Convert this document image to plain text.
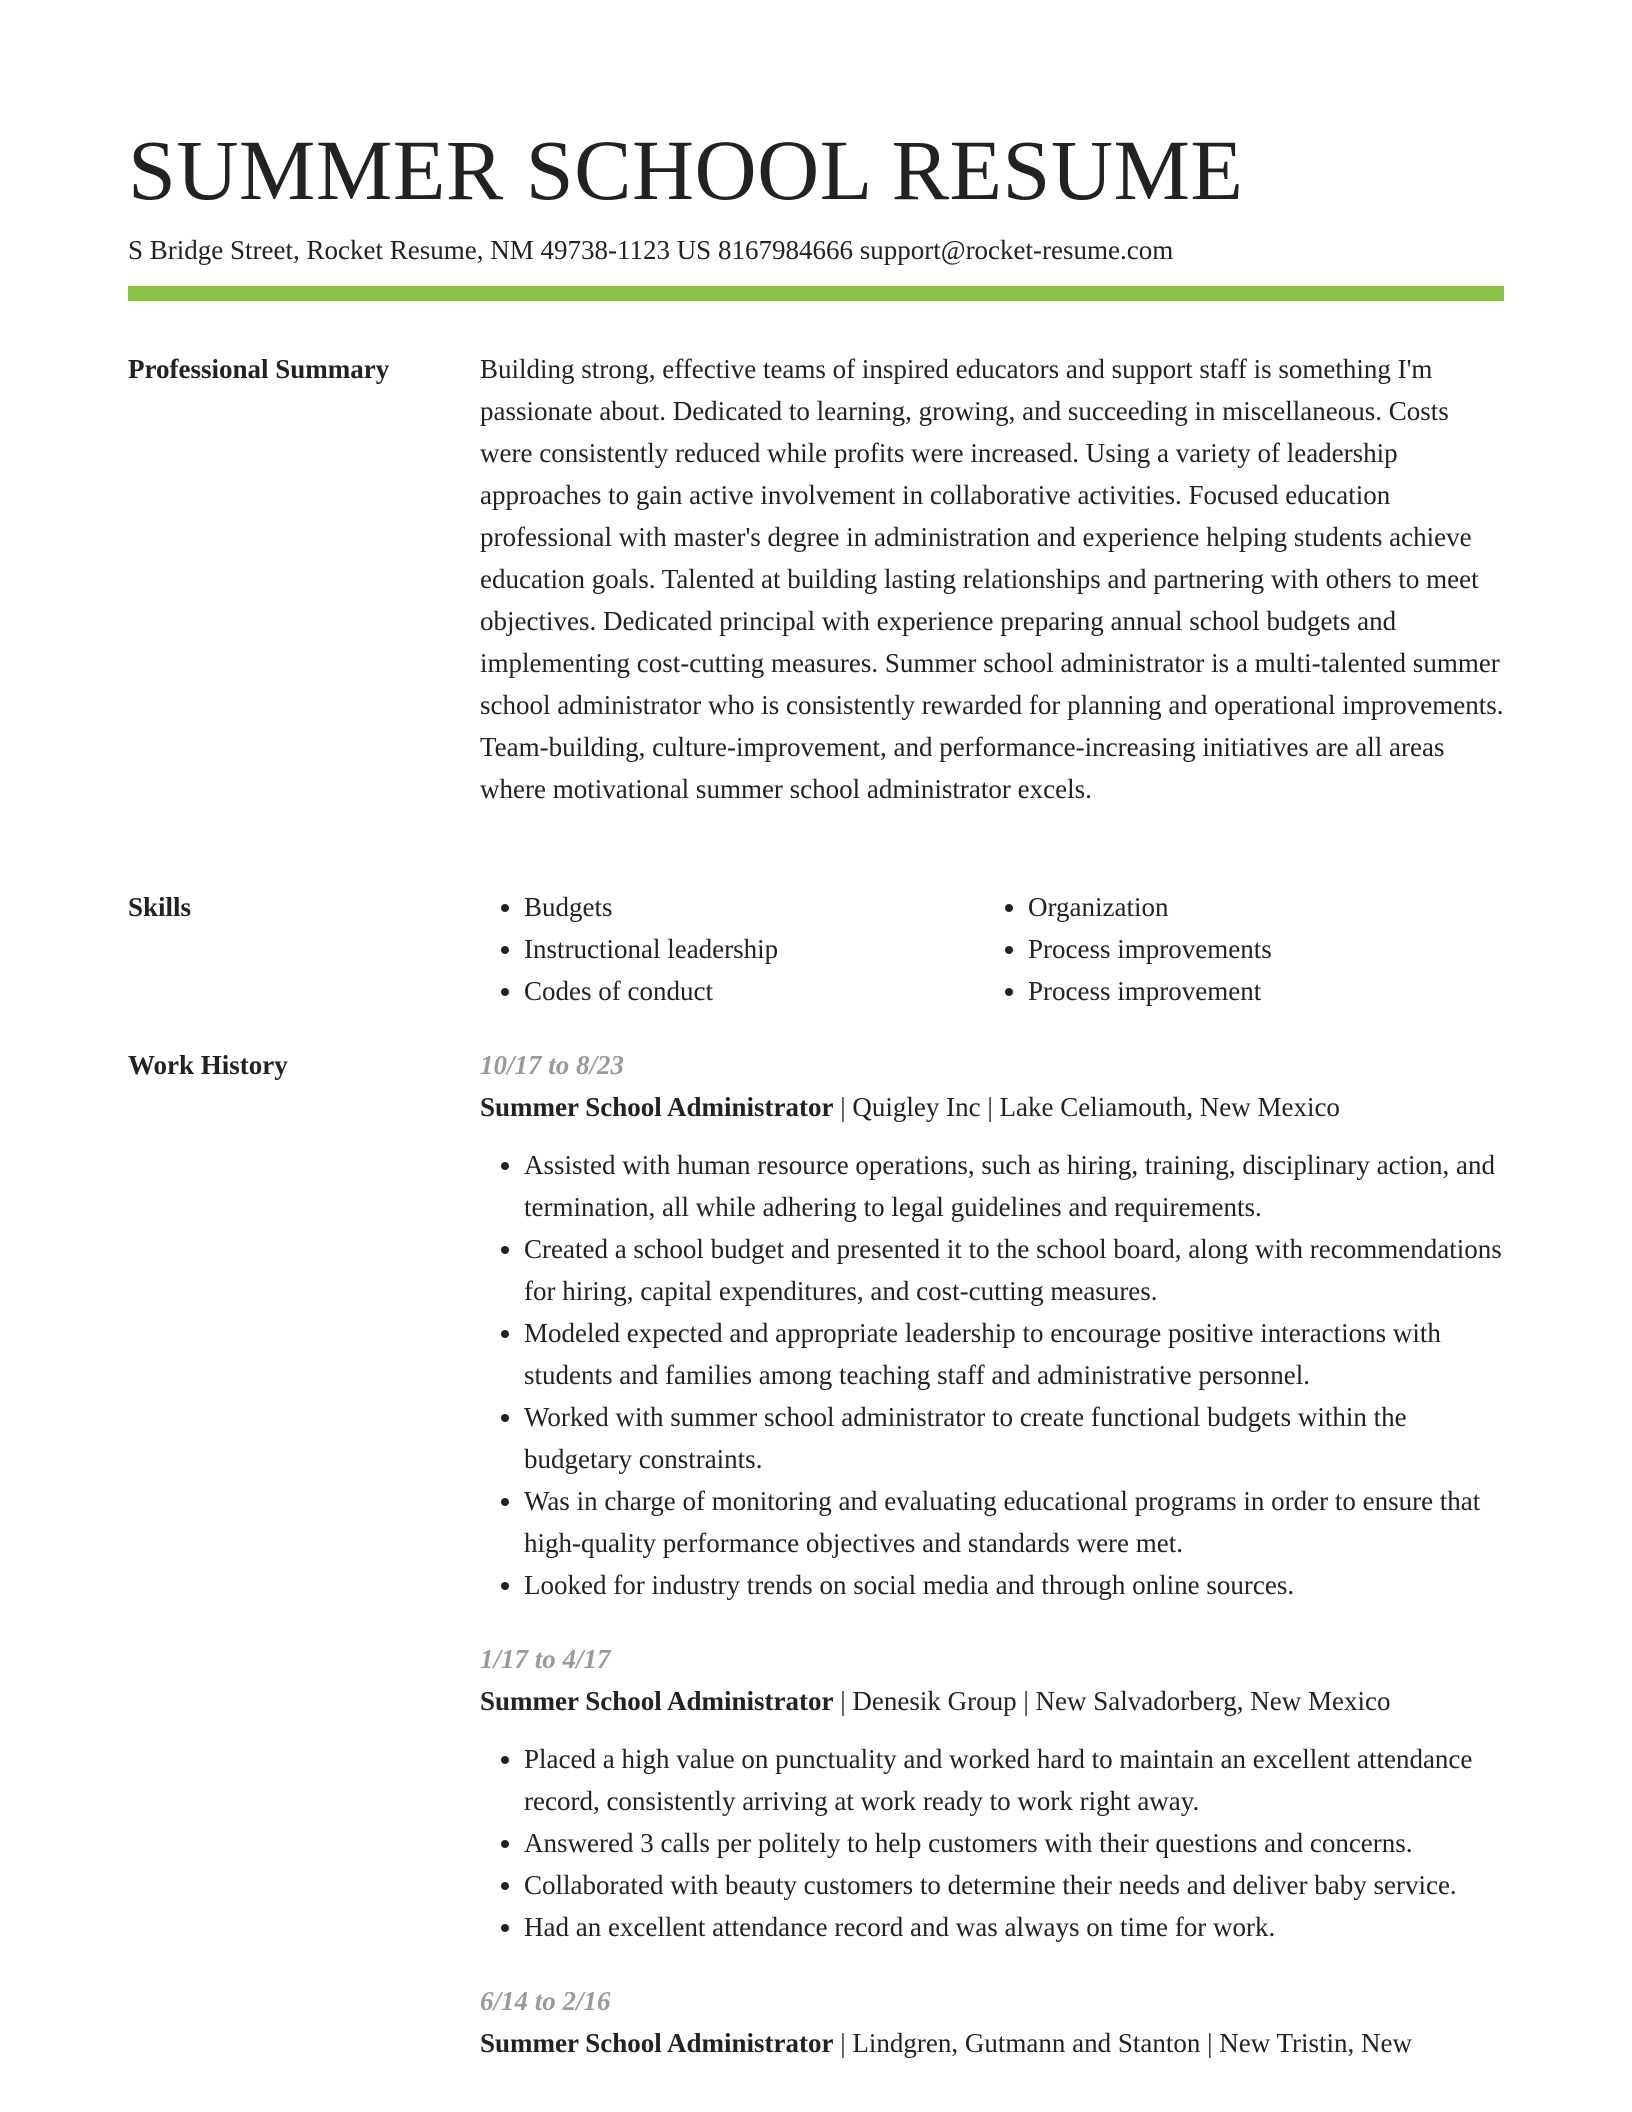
SUMMER SCHOOL RESUME
S Bridge Street, Rocket Resume, NM 49738-1123 US 8167984666 support@rocket-resume.com
Professional Summary	Building strong, effective teams of inspired educators and support staff is something I'm passionate about. Dedicated to learning, growing, and succeeding in miscellaneous. Costs were consistently reduced while profits were increased. Using a variety of leadership approaches to gain active involvement in collaborative activities. Focused education professional with master's degree in administration and experience helping students achieve education goals. Talented at building lasting relationships and partnering with others to meet objectives. Dedicated principal with experience preparing annual school budgets and implementing cost-cutting measures. Summer school administrator is a multi-talented summer school administrator who is consistently rewarded for planning and operational improvements. Team-building, culture-improvement, and performance-increasing initiatives are all areas where motivational summer school administrator excels.

Skills
•	Budgets
• Instructional leadership
• Codes of conduct
• Organization
• Process improvements
• Process improvement
Work History	10/17 to 8/23
Summer School Administrator | Quigley Inc | Lake Celiamouth, New Mexico
• Assisted with human resource operations, such as hiring, training, disciplinary action, and termination, all while adhering to legal guidelines and requirements.
• Created a school budget and presented it to the school board, along with recommendations for hiring, capital expenditures, and cost-cutting measures.
• Modeled expected and appropriate leadership to encourage positive interactions with students and families among teaching staff and administrative personnel.
• Worked with summer school administrator to create functional budgets within the budgetary constraints.
• Was in charge of monitoring and evaluating educational programs in order to ensure that high-quality performance objectives and standards were met.
• Looked for industry trends on social media and through online sources.
1/17 to 4/17
Summer School Administrator | Denesik Group | New Salvadorberg, New Mexico
• Placed a high value on punctuality and worked hard to maintain an excellent attendance record, consistently arriving at work ready to work right away.
• Answered 3 calls per politely to help customers with their questions and concerns.
• Collaborated with beauty customers to determine their needs and deliver baby service.
• Had an excellent attendance record and was always on time for work.
6/14 to 2/16
Summer School Administrator | Lindgren, Gutmann and Stanton | New Tristin, New
